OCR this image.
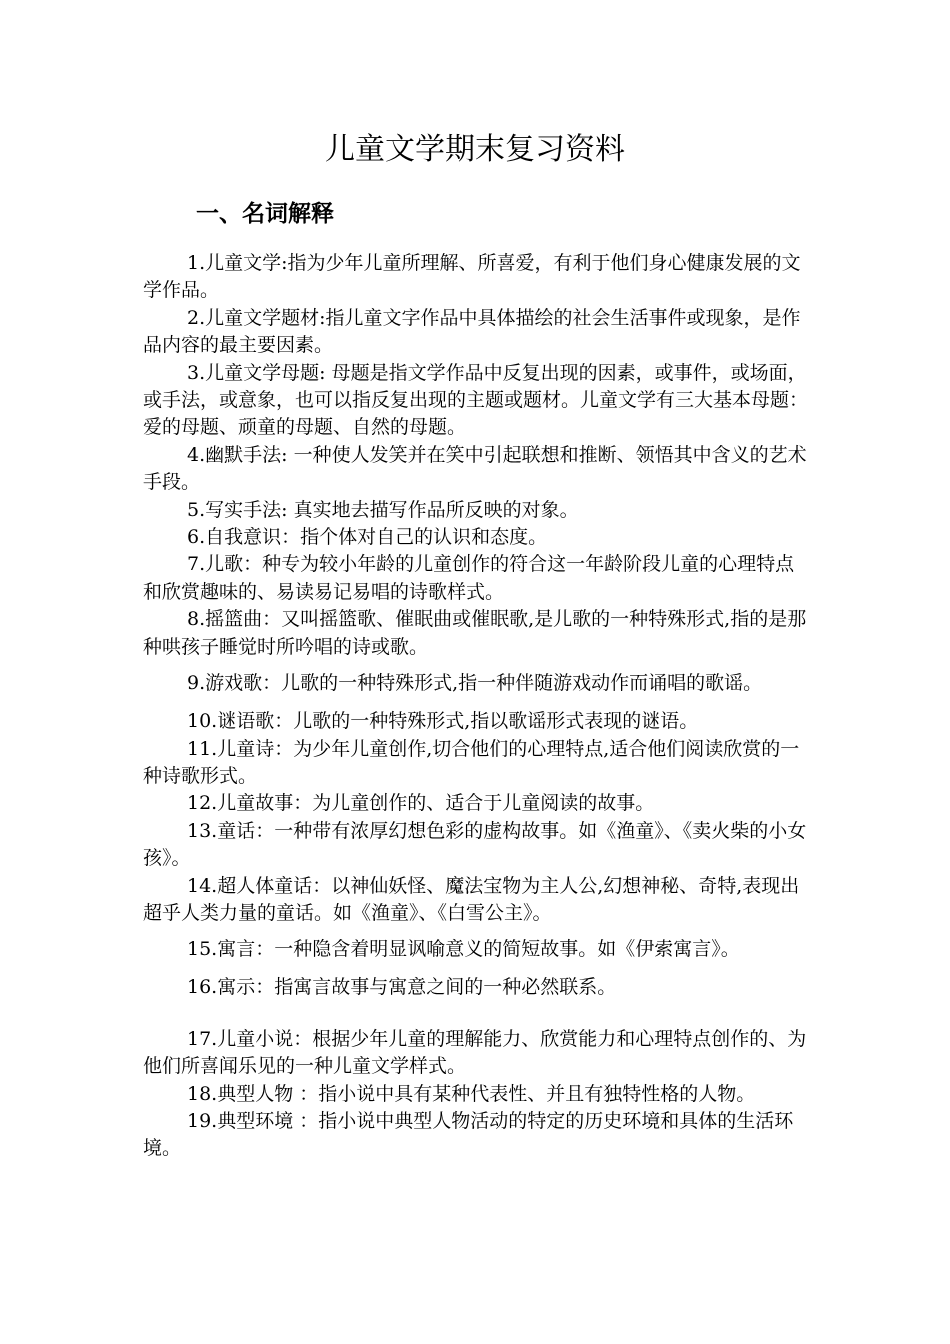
儿童文学期末复习资料
一、名词解释

1.儿童文学:指为少年儿童所理解、所喜爱，有利于他们身心健康发展的文学作品。

2.儿童文学题材:指儿童文字作品中具体描绘的社会生活事件或现象，是作品内容的最主要因素。

3.儿童文学母题: 母题是指文学作品中反复出现的因素，或事件，或场面，或手法，或意象，也可以指反复出现的主题或题材。儿童文学有三大基本母题：爱的母题、顽童的母题、自然的母题。

4.幽默手法: 一种使人发笑并在笑中引起联想和推断、领悟其中含义的艺术手段。

5.写实手法: 真实地去描写作品所反映的对象。

6.自我意识：指个体对自己的认识和态度。

7.儿歌：种专为较小年龄的儿童创作的符合这一年龄阶段儿童的心理特点和欣赏趣味的、易读易记易唱的诗歌样式。

8.摇篮曲：又叫摇篮歌、催眠曲或催眠歌,是儿歌的一种特殊形式,指的是那种哄孩子睡觉时所吟唱的诗或歌。

9.游戏歌：儿歌的一种特殊形式,指一种伴随游戏动作而诵唱的歌谣。

10.谜语歌：儿歌的一种特殊形式,指以歌谣形式表现的谜语。

11.儿童诗：为少年儿童创作,切合他们的心理特点,适合他们阅读欣赏的一种诗歌形式。

12.儿童故事：为儿童创作的、适合于儿童阅读的故事。

13.童话：一种带有浓厚幻想色彩的虚构故事。如《渔童》、《卖火柴的小女孩》。

14.超人体童话：以神仙妖怪、魔法宝物为主人公,幻想神秘、奇特,表现出超乎人类力量的童话。如《渔童》、《白雪公主》。

15.寓言：一种隐含着明显讽喻意义的简短故事。如《伊索寓言》。

16.寓示：指寓言故事与寓意之间的一种必然联系。

17.儿童小说：根据少年儿童的理解能力、欣赏能力和心理特点创作的、为他们所喜闻乐见的一种儿童文学样式。

18.典型人物 ：指小说中具有某种代表性、并且有独特性格的人物。

19.典型环境 ：指小说中典型人物活动的特定的历史环境和具体的生活环境。
